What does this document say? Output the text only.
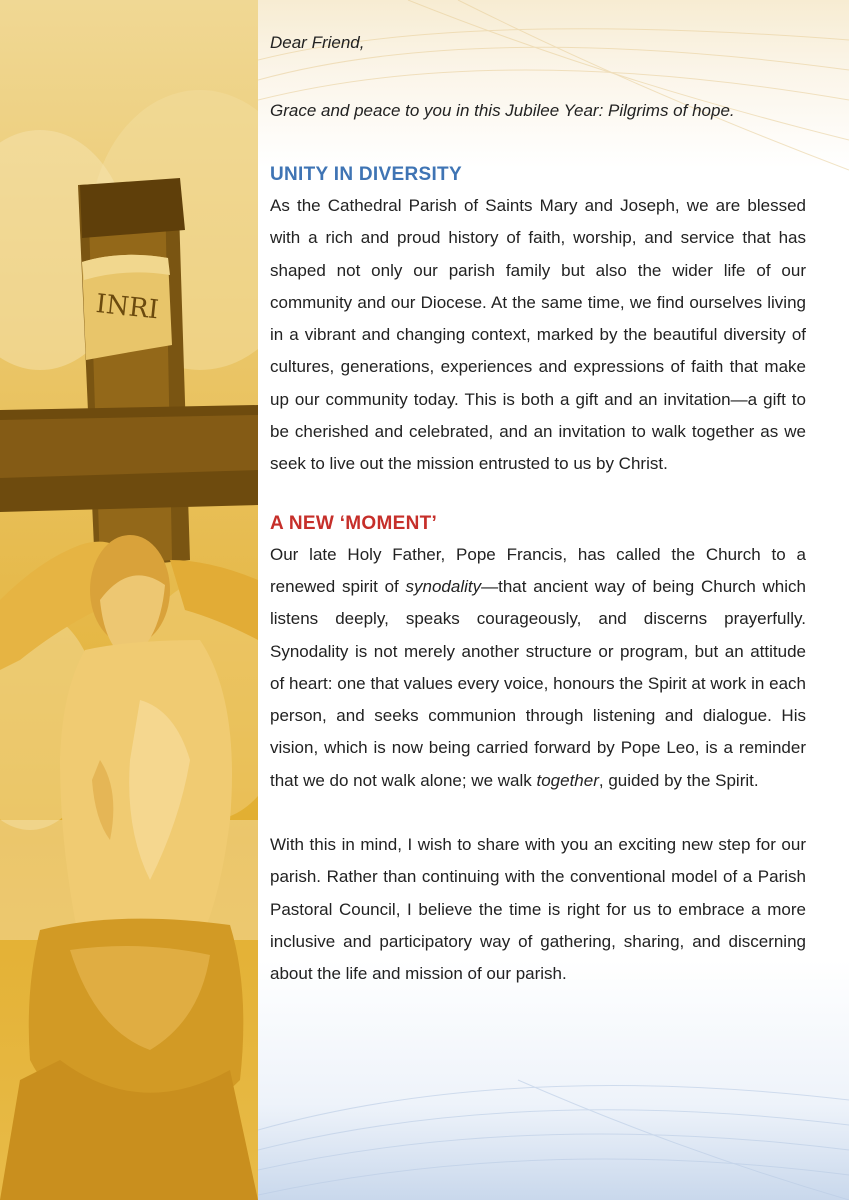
INRI

Dear Friend,

Grace and peace to you in this Jubilee Year: Pilgrims of hope.

UNITY IN DIVERSITY

As the Cathedral Parish of Saints Mary and Joseph, we are blessed with a rich and proud history of faith, worship, and service that has shaped not only our parish family but also the wider life of our community and our Diocese. At the same time, we find ourselves living in a vibrant and changing context, marked by the beautiful diversity of cultures, generations, experiences and expressions of faith that make up our community today. This is both a gift and an invitation—a gift to be cherished and celebrated, and an invitation to walk together as we seek to live out the mission entrusted to us by Christ.

A NEW ‘MOMENT’

Our late Holy Father, Pope Francis, has called the Church to a renewed spirit of synodality—that ancient way of being Church which listens deeply, speaks courageously, and discerns prayerfully. Synodality is not merely another structure or program, but an attitude of heart: one that values every voice, honours the Spirit at work in each person, and seeks communion through listening and dialogue. His vision, which is now being carried forward by Pope Leo, is a reminder that we do not walk alone; we walk together, guided by the Spirit.

With this in mind, I wish to share with you an exciting new step for our parish. Rather than continuing with the conventional model of a Parish Pastoral Council, I believe the time is right for us to embrace a more inclusive and participatory way of gathering, sharing, and discerning about the life and mission of our parish.
